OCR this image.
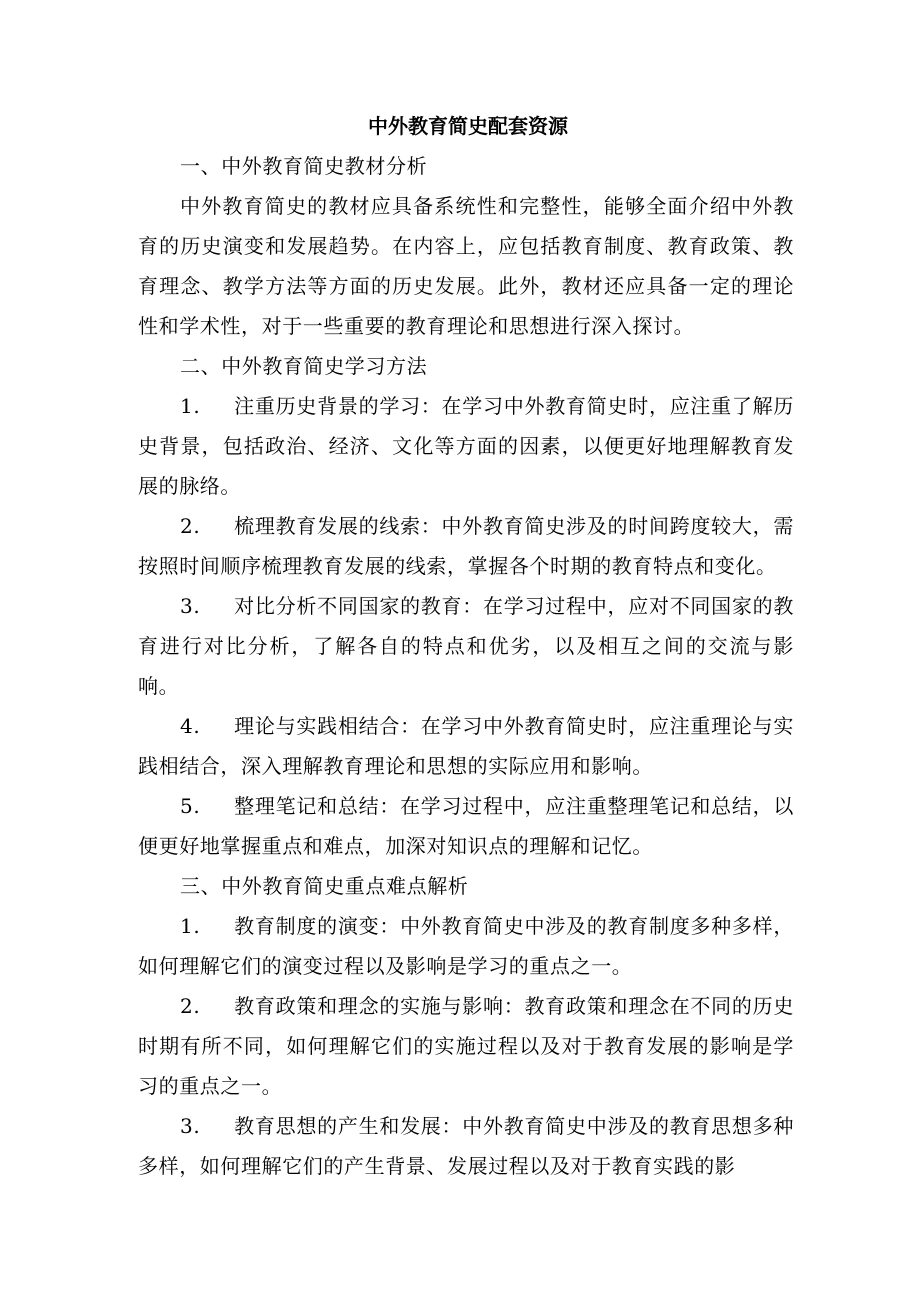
中外教育简史配套资源

一、中外教育简史教材分析

中外教育简史的教材应具备系统性和完整性，能够全面介绍中外教育的历史演变和发展趋势。在内容上，应包括教育制度、教育政策、教育理念、教学方法等方面的历史发展。此外，教材还应具备一定的理论性和学术性，对于一些重要的教育理论和思想进行深入探讨。

二、中外教育简史学习方法

1. 注重历史背景的学习：在学习中外教育简史时，应注重了解历史背景，包括政治、经济、文化等方面的因素，以便更好地理解教育发展的脉络。

2. 梳理教育发展的线索：中外教育简史涉及的时间跨度较大，需按照时间顺序梳理教育发展的线索，掌握各个时期的教育特点和变化。

3. 对比分析不同国家的教育：在学习过程中，应对不同国家的教育进行对比分析，了解各自的特点和优劣，以及相互之间的交流与影响。

4. 理论与实践相结合：在学习中外教育简史时，应注重理论与实践相结合，深入理解教育理论和思想的实际应用和影响。

5. 整理笔记和总结：在学习过程中，应注重整理笔记和总结，以便更好地掌握重点和难点，加深对知识点的理解和记忆。

三、中外教育简史重点难点解析

1. 教育制度的演变：中外教育简史中涉及的教育制度多种多样，如何理解它们的演变过程以及影响是学习的重点之一。

2. 教育政策和理念的实施与影响：教育政策和理念在不同的历史时期有所不同，如何理解它们的实施过程以及对于教育发展的影响是学习的重点之一。

3. 教育思想的产生和发展：中外教育简史中涉及的教育思想多种多样，如何理解它们的产生背景、发展过程以及对于教育实践的影
